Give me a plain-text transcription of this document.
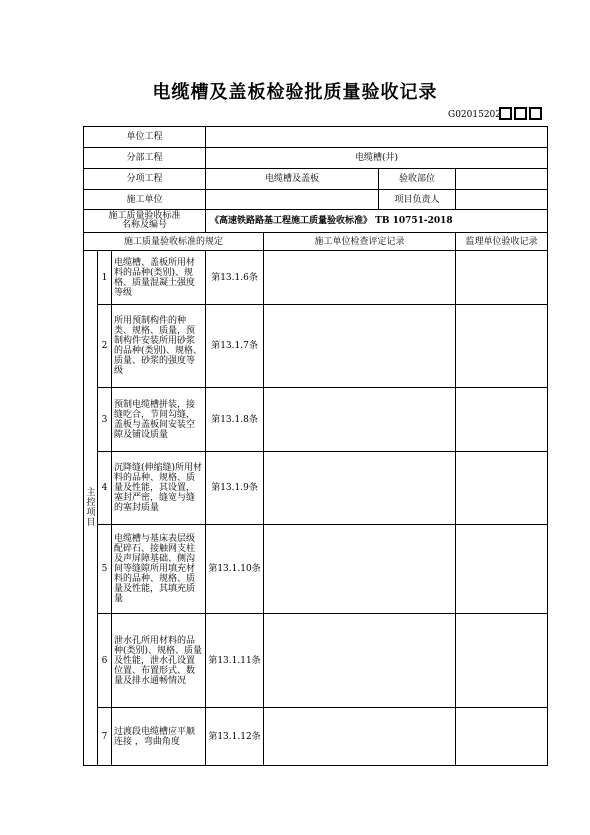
电缆槽及盖板检验批质量验收记录
G02015202
单位工程						
分部工程			电缆槽(井)			
分项工程			电缆槽及盖板		验收部位	
施工单位					项目负责人	

施工质量验收标准
名称及编号			《高速铁路路基工程施工质量验收标准》 TB 10751-2018			
施工质量验收标准的规定				施工单位检查评定记录		监理单位验收记录

主控项目	1	电缆槽、盖板所用材料的品种(类别)、规格、质量混凝土强度等级	第13.1.6条			
	2	所用预制构件的种类、规格、质量，预制构件安装所用砂浆的品种(类别)、规格、质量、砂浆的强度等级	第13.1.7条			
	3	预制电缆槽拼装，接缝吃合，节间勾缝，盖板与盖板间安装空隙及铺设质量	第13.1.8条			
	4	沉降缝(伸缩缝)所用材料的品种、规格、质量及性能，其设置，塞封严密，缝宽与缝的塞封质量	第13.1.9条			
	5	电缆槽与基床表层级配碎石、接触网支柱及声屏障基础、侧沟间等缝隙所用填充材料的品种、规格、质量及性能，其填充质量	第13.1.10条			
	6	泄水孔所用材料的品种(类别)、规格、质量及性能，泄水孔设置位置、布置形式、数量及排水通畅情况	第13.1.11条			
	7	过渡段电缆槽应平顺连接 ，弯曲角度	第13.1.12条			
